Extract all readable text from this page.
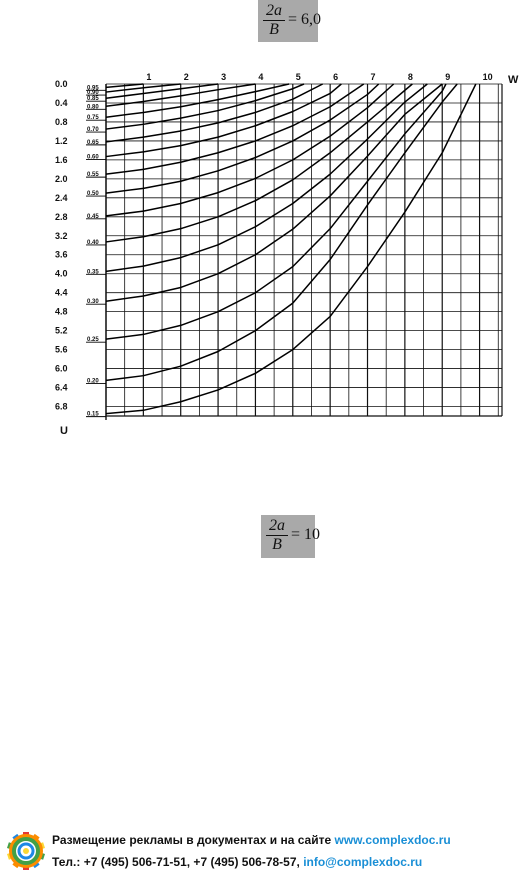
2a
B
= 6,0
1	2	3	4	5	6	7	8	9	10 W
0.0
0.4
0.8
1.2
1.6
2.0
2.4
2.8
3.2
3.6
4.0
4.4
4.8
5.2
5.6
6.0
6.4
6.8
U
0.95
0.90
0.85
0.80
0.75
0.70
0.65
0.60
0.55
0.50
0.45
0.40
0.35
0.30
0.25
0.20
0.15
2a
B
= 10
Размещение рекламы в документах и на сайте www.complexdoc.ru
Тел.: +7 (495) 506-71-51, +7 (495) 506-78-57, info@complexdoc.ru
